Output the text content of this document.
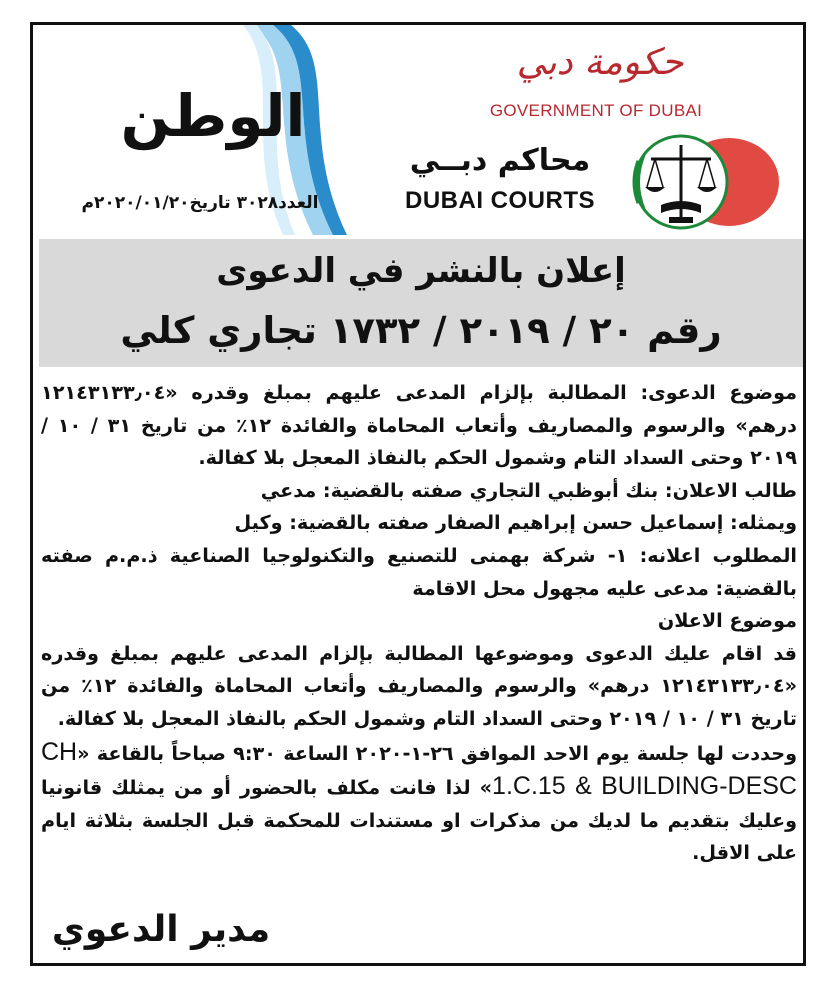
الوطن
العدد٣٠٢٨ تاريخ٢٠٢٠/٠١/٢٠م
حكومة دبي
GOVERNMENT OF DUBAI
محاكم دبــي
DUBAI COURTS
إعلان بالنشر في الدعوى
رقم ٢٠ / ٢٠١٩ / ١٧٣٢ تجاري كلي

موضوع الدعوى: المطالبة بإلزام المدعى عليهم بمبلغ وقدره «١٢١٤٣١٣٣٫٠٤ درهم» والرسوم والمصاريف وأتعاب المحاماة والفائدة ١٢٪ من تاريخ ٣١ / ١٠ / ٢٠١٩ وحتى السداد التام وشمول الحكم بالنفاذ المعجل بلا كفالة.

طالب الاعلان: بنك أبوظبي التجاري صفته بالقضية: مدعي

ويمثله: إسماعيل حسن إبراهيم الصفار صفته بالقضية: وكيل

المطلوب اعلانه: ١- شركة بهمنى للتصنيع والتكنولوجيا الصناعية ذ.م.م صفته بالقضية: مدعى عليه مجهول محل الاقامة

موضوع الاعلان

قد اقام عليك الدعوى وموضوعها المطالبة بإلزام المدعى عليهم بمبلغ وقدره «١٢١٤٣١٣٣٫٠٤ درهم» والرسوم والمصاريف وأتعاب المحاماة والفائدة ١٢٪ من تاريخ ٣١ / ١٠ / ٢٠١٩ وحتى السداد التام وشمول الحكم بالنفاذ المعجل بلا كفالة.

وحددت لها جلسة يوم الاحد الموافق ٢٦-١-٢٠٢٠ الساعة ٩:٣٠ صباحاً بالقاعة «CH 1.C.15 & BUILDING-DESC» لذا فانت مكلف بالحضور أو من يمثلك قانونيا وعليك بتقديم ما لديك من مذكرات او مستندات للمحكمة قبل الجلسة بثلاثة ايام على الاقل.

مدير الدعوي
